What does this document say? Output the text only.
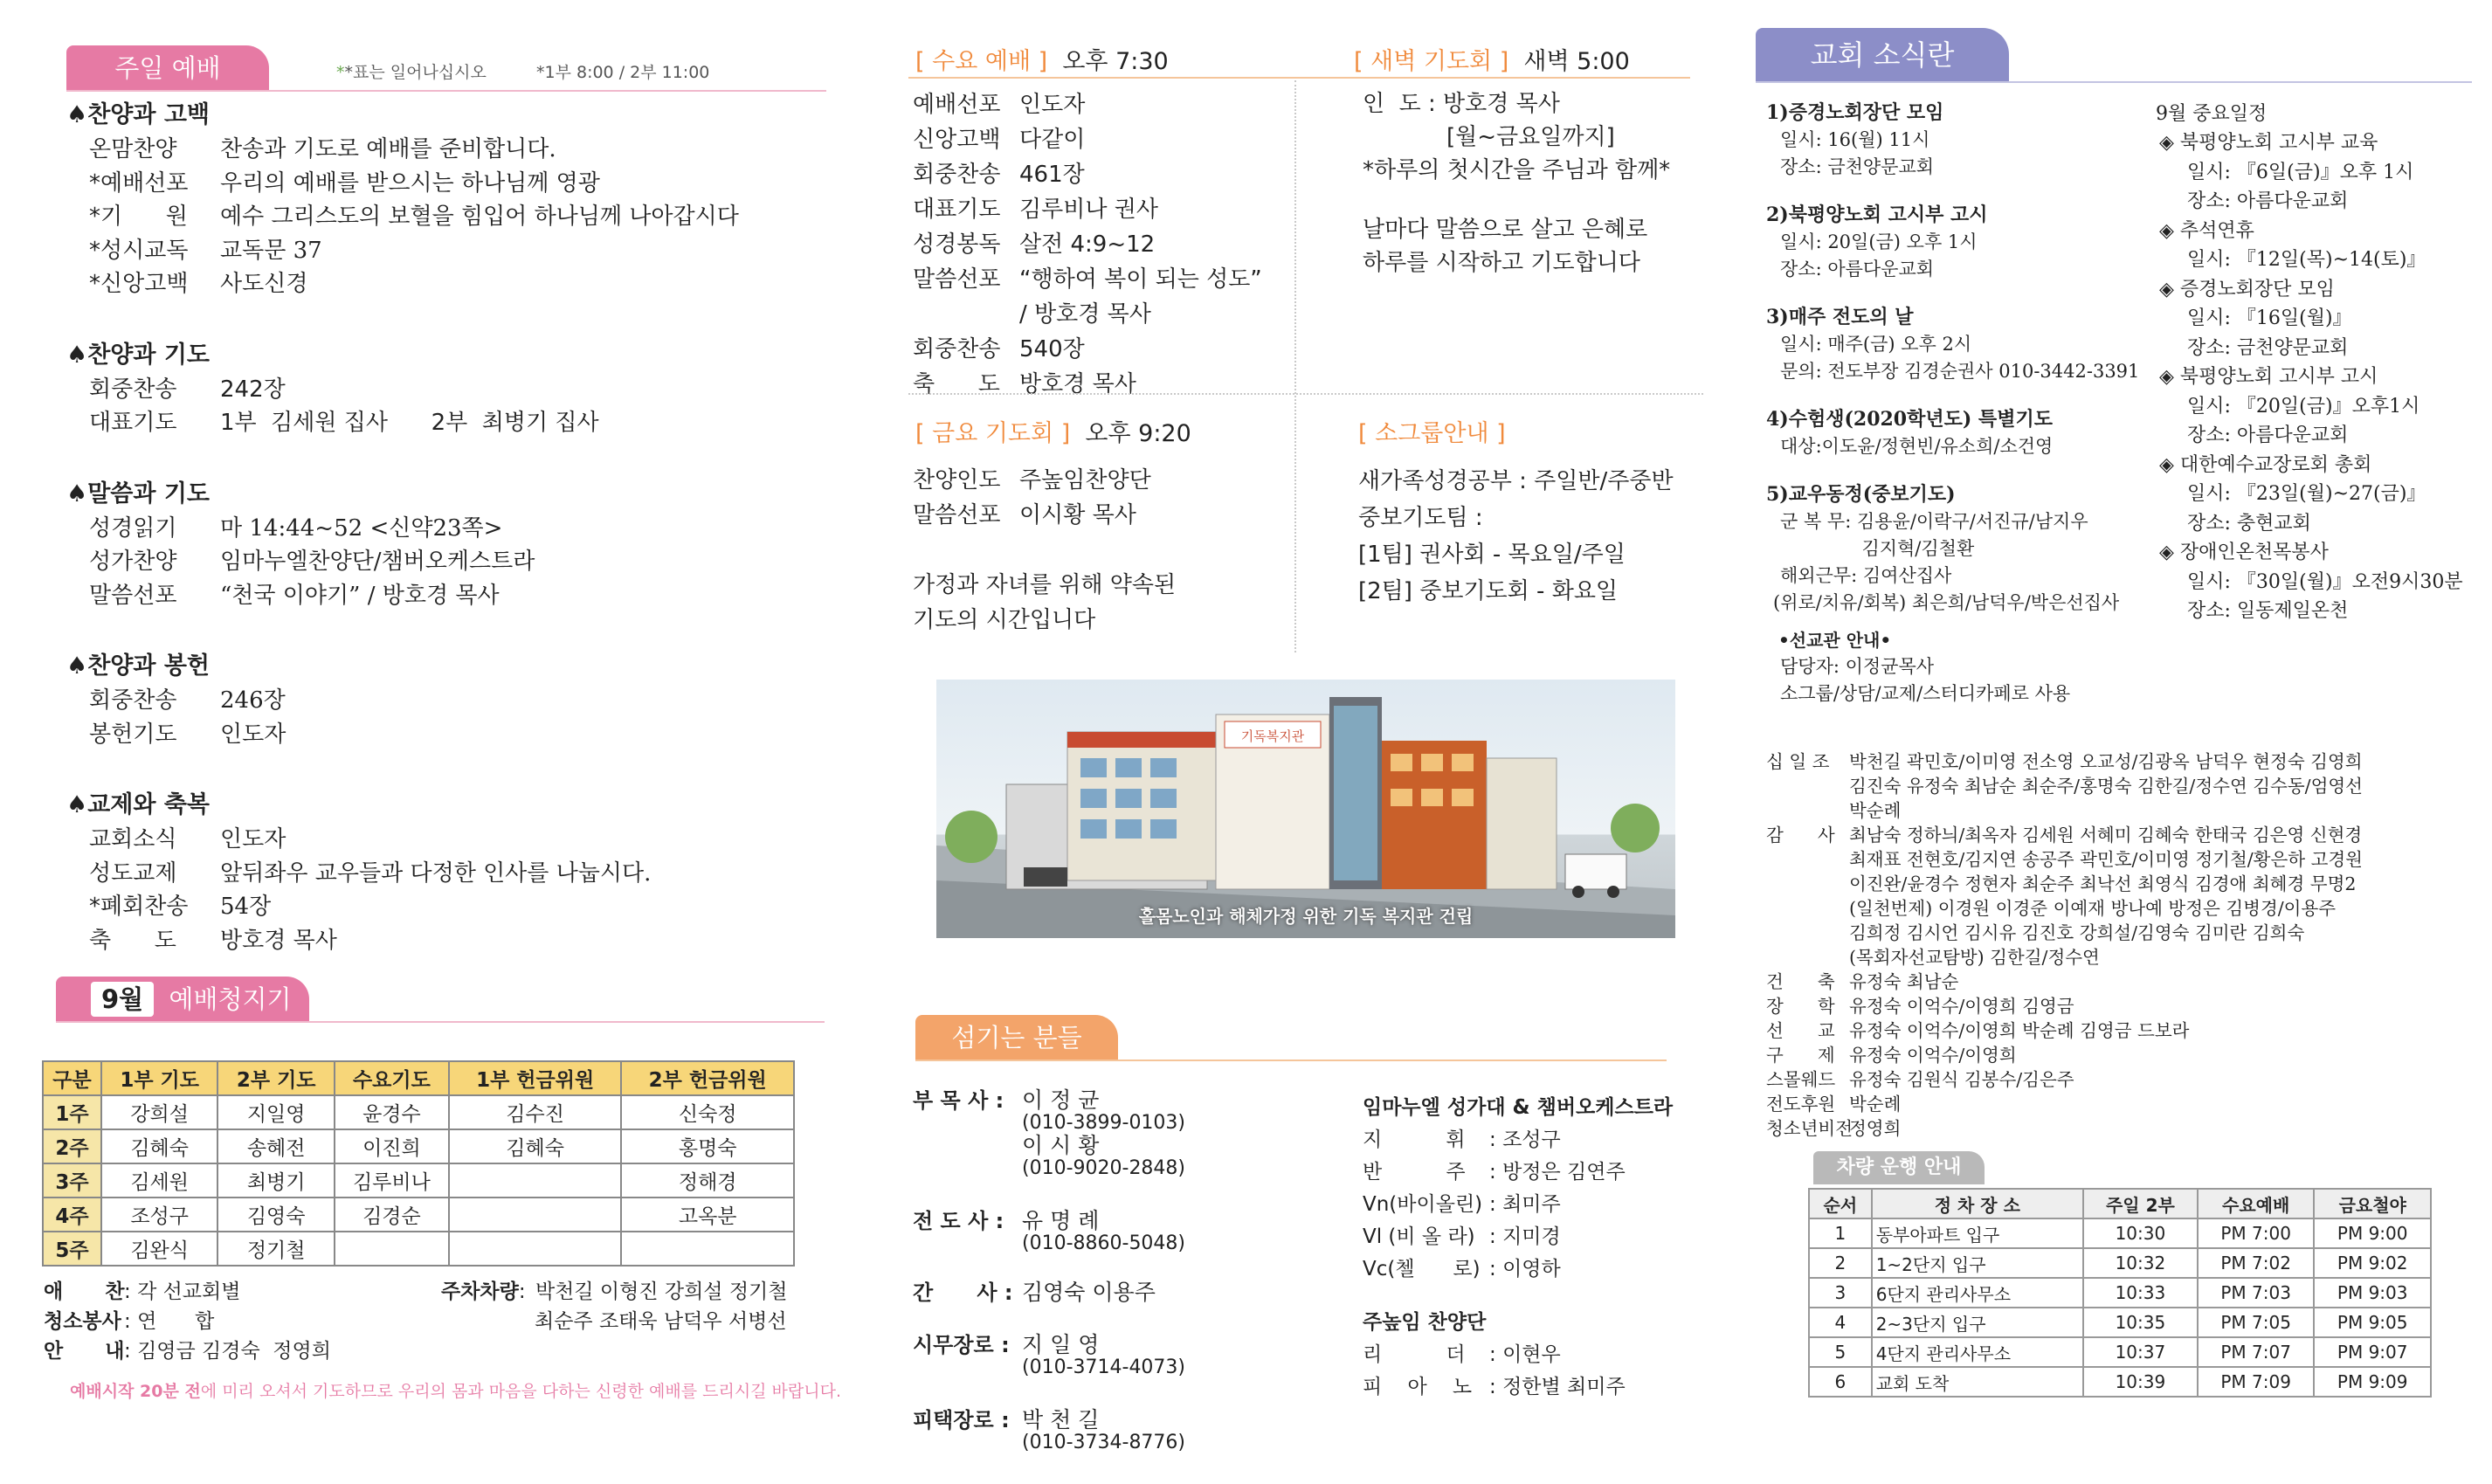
주일 예배	**표는 일어나십시오	*1부 8:00 / 2부 11:00
♠찬양과 고백
온맘찬양 찬송과 기도로 예배를 준비합니다.
*예배선포 우리의 예배를 받으시는 하나님께 영광
*기      원 예수 그리스도의 보혈을 힘입어 하나님께 나아갑시다
*성시교독 교독문 37
*신앙고백 사도신경
♠찬양과 기도
회중찬송 242장
대표기도 1부  김세원 집사      2부  최병기 집사
♠말씀과 기도
성경읽기 마 14:44~52 <신약23쪽>
성가찬양 임마누엘찬양단/챔버오케스트라
말씀선포 “천국 이야기” / 방호경 목사
♠찬양과 봉헌
회중찬송 246장
봉헌기도 인도자
♠교제와 축복
교회소식 인도자
성도교제 앞뒤좌우 교우들과 다정한 인사를 나눕시다.
*폐회찬송 54장
축      도 방호경 목사
9월 예배청지기
구분	1부 기도	2부 기도	수요기도	1부 헌금위원	2부 헌금위원
1주	강희설	지일영	윤경수	김수진	신숙정
2주	김혜숙	송혜전	이진희	김혜숙	홍명숙
3주	김세원	최병기	김루비나		정해경
4주	조성구	김영숙	김경순		고옥분
5주	김완식	정기철			
애      찬: 각 선교회별
청소봉사 : 연      합
안      내: 김영금 김경숙  정영희
주차차량: 박천길 이형진 강희설 정기철
최순주 조태욱 남덕우 서병선
예배시작 20분 전에 미리 오셔서 기도하므로 우리의 몸과 마음을 다하는 신령한 예배를 드리시길 바랍니다.
[ 수요 예배 ] 오후 7:30
예배선포 인도자
신앙고백 다같이
회중찬송 461장
대표기도 김루비나 권사
성경봉독 살전 4:9~12
말씀선포 “행하여 복이 되는 성도”
/ 방호경 목사
회중찬송 540장
축      도 방호경 목사
[ 새벽 기도회 ] 새벽 5:00
인  도 : 방호경 목사
[월~금요일까지]
*하루의 첫시간을 주님과 함께*
날마다 말씀으로 살고 은혜로
하루를 시작하고 기도합니다
[ 금요 기도회 ] 오후 9:20
찬양인도 주높임찬양단
말씀선포 이시황 목사
가정과 자녀를 위해 약속된
기도의 시간입니다
[ 소그룹안내 ]
새가족성경공부 : 주일반/주중반
중보기도팀 :
[1팀] 권사회 - 목요일/주일
[2팀] 중보기도회 - 화요일
기독복지관
홀몸노인과 해체가정 위한 기독 복지관 건립
섬기는 분들
부 목 사 : 이 정 균
(010-3899-0103)
이 시 황
(010-9020-2848)
전 도 사 : 유 명 례
(010-8860-5048)
간      사 : 김영숙 이용주
시무장로 : 지 일 영
(010-3714-4073)
피택장로 : 박 천 길
(010-3734-8776)
임마누엘 성가대 & 챔버오케스트라
지          휘 : 조성구
반          주 : 방정은 김연주
Vn(바이올린) : 최미주
Vl (비 올 라) : 지미경
Vc(첼      로) : 이영하
주높임 찬양단
리          더 : 이현우
피    아    노 : 정한별 최미주
교회 소식란
1)증경노회장단 모임
일시: 16(월) 11시
장소: 금천양문교회
2)북평양노회 고시부 고시
일시: 20일(금) 오후 1시
장소: 아름다운교회
3)매주 전도의 날
일시: 매주(금) 오후 2시
문의: 전도부장 김경순권사 010-3442-3391
4)수험생(2020학년도) 특별기도
대상:이도윤/정현빈/유소희/소건영
5)교우동정(중보기도)
군 복 무: 김용윤/이락구/서진규/남지우
김지혁/김철환
해외근무: 김여산집사
(위로/치유/회복) 최은희/남덕우/박은선집사
•선교관 안내•
담당자: 이정균목사
소그룹/상담/교제/스터디카페로 사용
9월 중요일정
◈ 북평양노회 고시부 교육
일시: 『6일(금)』오후 1시
장소: 아름다운교회
◈ 추석연휴
일시: 『12일(목)~14(토)』
◈ 증경노회장단 모임
일시: 『16일(월)』
장소: 금천양문교회
◈ 북평양노회 고시부 고시
일시: 『20일(금)』오후1시
장소: 아름다운교회
◈ 대한예수교장로회 총회
일시: 『23일(월)~27(금)』
장소: 충현교회
◈ 장애인온천목봉사
일시: 『30일(월)』오전9시30분
장소: 일동제일온천
십 일 조	박천길 곽민호/이미영 전소영 오교성/김광옥 남덕우 현정숙 김영희
김진숙 유정숙 최남순 최순주/홍명숙 김한길/정수연 김수동/엄영선
박순례
감      사 최남숙 정하늬/최옥자 김세원 서혜미 김혜숙 한태국 김은영 신현경
최재표 전현호/김지연 송공주 곽민호/이미영 정기철/황은하 고경원
이진완/윤경수 정현자 최순주 최낙선 최영식 김경애 최혜경 무명2
(일천번제) 이경원 이경준 이예재 방나예 방정은 김병경/이용주
김희정 김시언 김시유 김진호 강희설/김영숙 김미란 김희숙
(목회자선교탐방) 김한길/정수연
건      축 유정숙 최남순
장      학 유정숙 이억수/이영희 김영금
선      교 유정숙 이억수/이영희 박순례 김영금 드보라
구      제 유정숙 이억수/이영희
스몰웨드 유정숙 김원식 김봉수/김은주
전도후원 박순례
청소년비전
정영희
차량 운행 안내
순서	정 차 장 소	주일 2부	수요예배	금요철야
1	동부아파트 입구	10:30	PM 7:00	PM 9:00
2	1~2단지 입구	10:32	PM 7:02	PM 9:02
3	6단지 관리사무소	10:33	PM 7:03	PM 9:03
4	2~3단지 입구	10:35	PM 7:05	PM 9:05
5	4단지 관리사무소	10:37	PM 7:07	PM 9:07
6	교회 도착	10:39	PM 7:09	PM 9:09
